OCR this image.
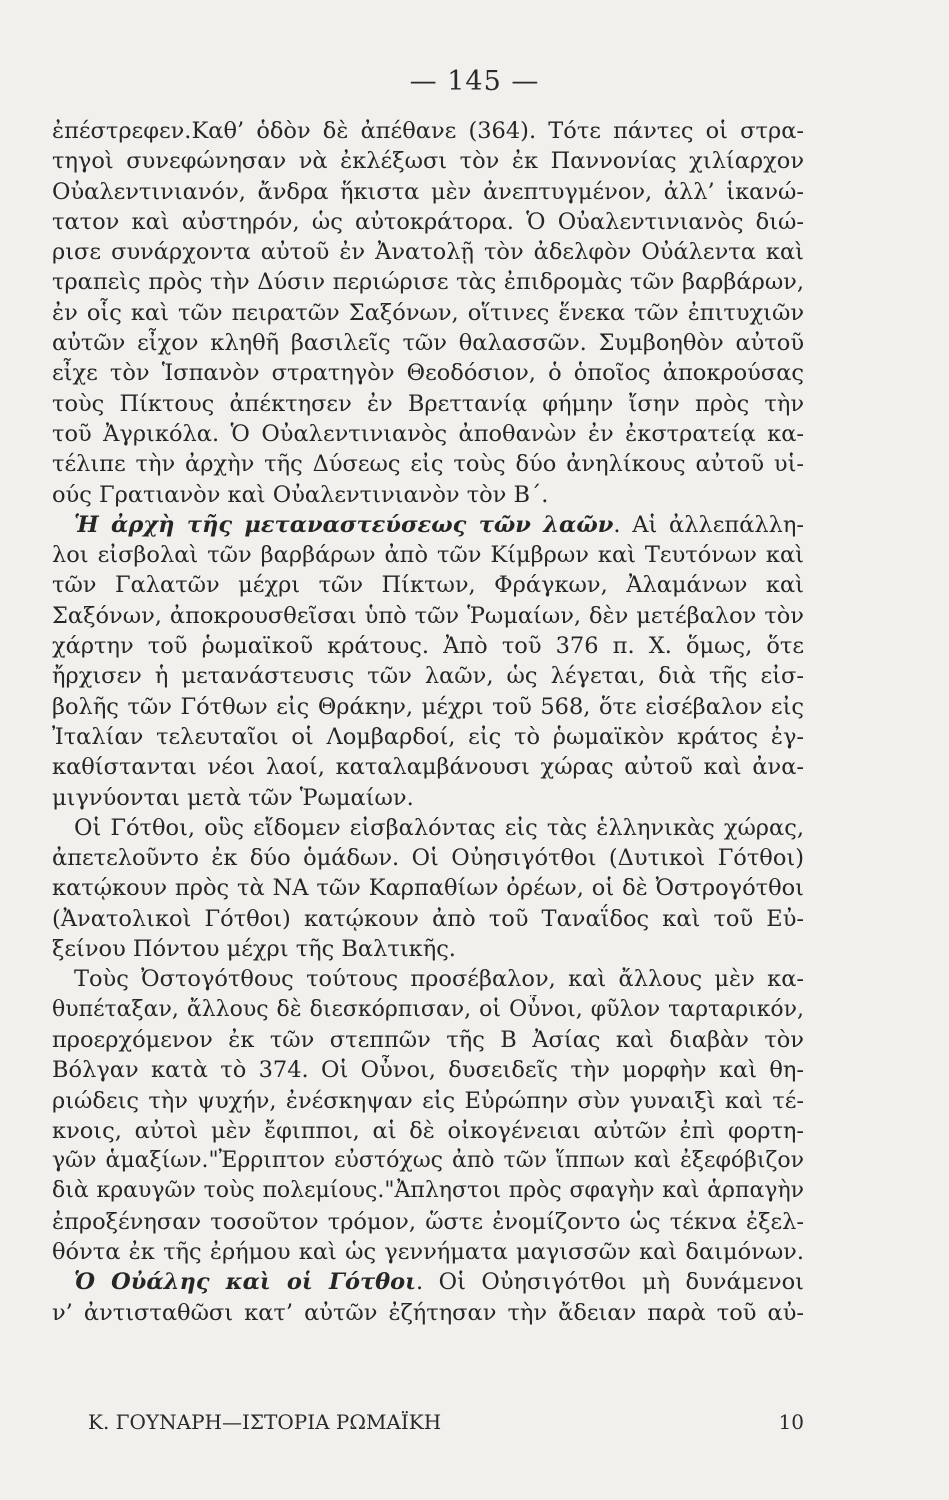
— 145 —
ἐπέστρεφεν.Καθ’ ὁδὸν δὲ ἀπέθανε (364). Τότε πάντες οἱ στρα-
τηγοὶ συνεφώνησαν νὰ ἐκλέξωσι τὸν ἐκ Παννονίας χιλίαρχον
Οὐαλεντινιανόν, ἄνδρα ἥκιστα μὲν ἀνεπτυγμένον, ἀλλ’ ἱκανώ-
τατον καὶ αὐστηρόν, ὡς αὐτοκράτορα. Ὁ Οὐαλεντινιανὸς διώ-
ρισε συνάρχοντα αὐτοῦ ἐν Ἀνατολῇ τὸν ἀδελφὸν Οὐάλεντα καὶ
τραπεὶς πρὸς τὴν Δύσιν περιώρισε τὰς ἐπιδρομὰς τῶν βαρβάρων,
ἐν οἷς καὶ τῶν πειρατῶν Σαξόνων, οἵτινες ἕνεκα τῶν ἐπιτυχιῶν
αὐτῶν εἶχον κληθῆ βασιλεῖς τῶν θαλασσῶν. Συμβοηθὸν αὐτοῦ
εἶχε τὸν Ἱσπανὸν στρατηγὸν Θεοδόσιον, ὁ ὁποῖος ἀποκρούσας
τοὺς Πίκτους ἀπέκτησεν ἐν Βρεττανίᾳ φήμην ἴσην πρὸς τὴν
τοῦ Ἀγρικόλα. Ὁ Οὐαλεντινιανὸς ἀποθανὼν ἐν ἐκστρατείᾳ κα-
τέλιπε τὴν ἀρχὴν τῆς Δύσεως εἰς τοὺς δύο ἀνηλίκους αὐτοῦ υἱ-
ούς Γρατιανὸν καὶ Οὐαλεντινιανὸν τὸν Β΄.
Ἡ ἀρχὴ τῆς μεταναστεύσεως τῶν λαῶν. Αἱ ἀλλεπάλλη-
λοι εἰσβολαὶ τῶν βαρβάρων ἀπὸ τῶν Κίμβρων καὶ Τευτόνων καὶ
τῶν Γαλατῶν μέχρι τῶν Πίκτων, Φράγκων, Ἀλαμάνων καὶ
Σαξόνων, ἀποκρουσθεῖσαι ὑπὸ τῶν Ῥωμαίων, δὲν μετέβαλον τὸν
χάρτην τοῦ ῥωμαϊκοῦ κράτους. Ἀπὸ τοῦ 376 π. Χ. ὅμως, ὅτε
ἤρχισεν ἡ μετανάστευσις τῶν λαῶν, ὡς λέγεται, διὰ τῆς εἰσ-
βολῆς τῶν Γότθων εἰς Θράκην, μέχρι τοῦ 568, ὅτε εἰσέβαλον εἰς
Ἰταλίαν τελευταῖοι οἱ Λομβαρδοί, εἰς τὸ ῥωμαϊκὸν κράτος ἐγ-
καθίστανται νέοι λαοί, καταλαμβάνουσι χώρας αὐτοῦ καὶ ἀνα-
μιγνύονται μετὰ τῶν Ῥωμαίων.
Οἱ Γότθοι, οὓς εἴδομεν εἰσβαλόντας εἰς τὰς ἑλληνικὰς χώρας,
ἀπετελοῦντο ἐκ δύο ὁμάδων. Οἱ Οὐησιγότθοι (Δυτικοὶ Γότθοι)
κατῴκουν πρὸς τὰ ΝΑ τῶν Καρπαθίων ὀρέων, οἱ δὲ Ὀστρογότθοι
(Ἀνατολικοὶ Γότθοι) κατῴκουν ἀπὸ τοῦ Ταναΐδος καὶ τοῦ Εὐ-
ξείνου Πόντου μέχρι τῆς Βαλτικῆς.
Τοὺς Ὀστογότθους τούτους προσέβαλον, καὶ ἄλλους μὲν κα-
θυπέταξαν, ἄλλους δὲ διεσκόρπισαν, οἱ Οὖνοι, φῦλον ταρταρικόν,
προερχόμενον ἐκ τῶν στεππῶν τῆς Β Ἀσίας καὶ διαβὰν τὸν
Βόλγαν κατὰ τὸ 374. Οἱ Οὖνοι, δυσειδεῖς τὴν μορφὴν καὶ θη-
ριώδεις τὴν ψυχήν, ἐνέσκηψαν εἰς Εὐρώπην σὺν γυναιξὶ καὶ τέ-
κνοις, αὐτοὶ μὲν ἔφιπποι, αἱ δὲ οἰκογένειαι αὐτῶν ἐπὶ φορτη-
γῶν ἁμαξίων."Ἐρριπτον εὐστόχως ἀπὸ τῶν ἵππων καὶ ἐξεφόβιζον
διὰ κραυγῶν τοὺς πολεμίους."Ἀπληστοι πρὸς σφαγὴν καὶ ἁρπαγὴν
ἐπροξένησαν τοσοῦτον τρόμον, ὥστε ἐνομίζοντο ὡς τέκνα ἐξελ-
θόντα ἐκ τῆς ἐρήμου καὶ ὡς γεννήματα μαγισσῶν καὶ δαιμόνων.
Ὁ Οὐάλης καὶ οἱ Γότθοι. Οἱ Οὐησιγότθοι μὴ δυνάμενοι
ν’ ἀντισταθῶσι κατ’ αὐτῶν ἐζήτησαν τὴν ἄδειαν παρὰ τοῦ αὐ-
Κ. ΓΟΥΝΑΡΗ—ΙΣΤΟΡΙΑ ΡΩΜΑΪΚΗ	10
